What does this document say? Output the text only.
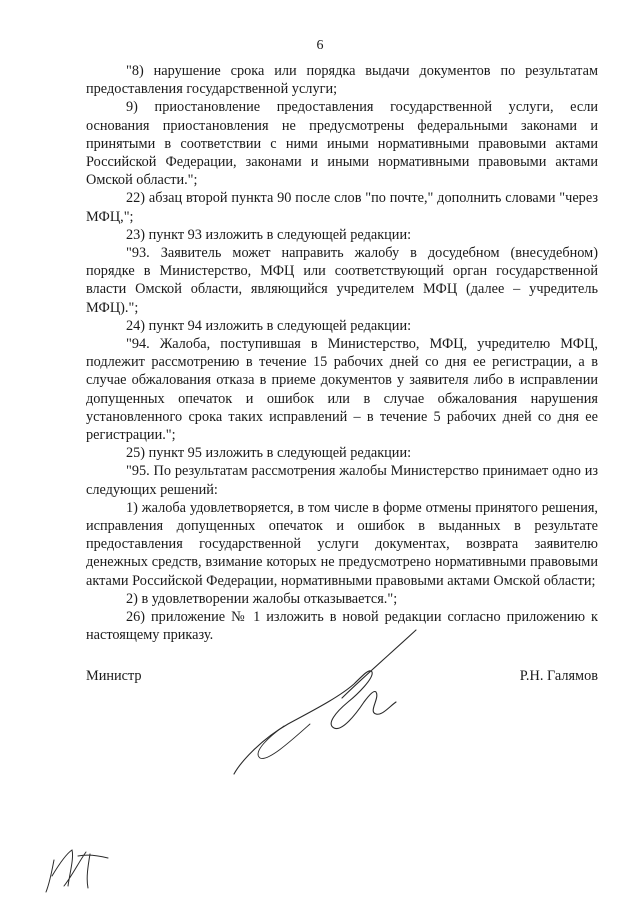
6

"8) нарушение срока или порядка выдачи документов по результатам предоставления государственной услуги;

9) приостановление предоставления государственной услуги, если основания приостановления не предусмотрены федеральными законами и принятыми в соответствии с ними иными нормативными правовыми актами Российской Федерации, законами и иными нормативными правовыми актами Омской области.";

22) абзац второй пункта 90 после слов "по почте," дополнить словами "через МФЦ,";

23) пункт 93 изложить в следующей редакции:

"93. Заявитель может направить жалобу в досудебном (внесудебном) порядке в Министерство, МФЦ или соответствующий орган государственной власти Омской области, являющийся учредителем МФЦ (далее – учредитель МФЦ).";

24) пункт 94 изложить в следующей редакции:

"94. Жалоба, поступившая в Министерство, МФЦ, учредителю МФЦ, подлежит рассмотрению в течение 15 рабочих дней со дня ее регистрации, а в случае обжалования отказа в приеме документов у заявителя либо в исправлении допущенных опечаток и ошибок или в случае обжалования нарушения установленного срока таких исправлений – в течение 5 рабочих дней со дня ее регистрации.";

25) пункт 95 изложить в следующей редакции:

"95. По результатам рассмотрения жалобы Министерство принимает одно из следующих решений:

1) жалоба удовлетворяется, в том числе в форме отмены принятого решения, исправления допущенных опечаток и ошибок в выданных в результате предоставления государственной услуги документах, возврата заявителю денежных средств, взимание которых не предусмотрено нормативными правовыми актами Российской Федерации, нормативными правовыми актами Омской области;

2) в удовлетворении жалобы отказывается.";

26) приложение № 1 изложить в новой редакции согласно приложению к настоящему приказу.

Министр	Р.Н. Галямов
